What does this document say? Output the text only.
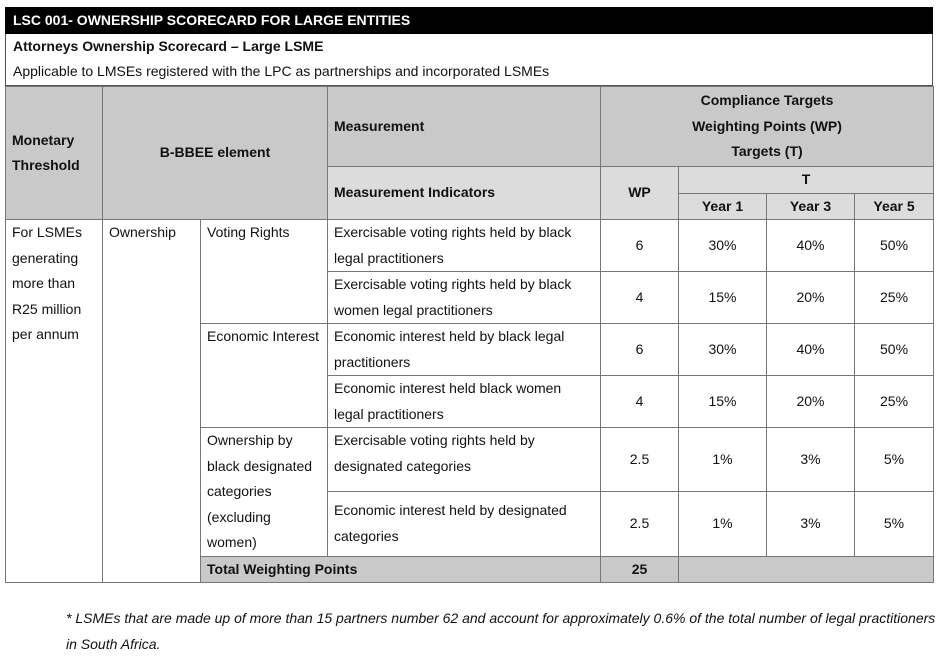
LSC 001- OWNERSHIP SCORECARD FOR LARGE ENTITIES
Attorneys Ownership Scorecard – Large LSME
Applicable to LMSEs registered with the LPC as partnerships and incorporated LSMEs
Monetary Threshold	B-BBEE element		Measurement	Compliance Targets
Weighting Points (WP)
Targets (T)			

			Measurement Indicators	WP	T		
					Year 1	Year 3	Year 5
For LSMEs generating more than R25 million per annum	Ownership	Voting Rights	Exercisable voting rights held by black legal practitioners	6	30%	40%	50%
			Exercisable voting rights held by black women legal practitioners	4	15%	20%	25%
		Economic Interest	Economic interest held by black legal practitioners	6	30%	40%	50%
			Economic interest held black women legal practitioners	4	15%	20%	25%
		Ownership by black designated categories (excluding women)	Exercisable voting rights held by designated categories	2.5	1%	3%	5%
			Economic interest held by designated categories	2.5	1%	3%	5%
		Total Weighting Points		25			
* LSMEs that are made up of more than 15 partners number 62 and account for approximately 0.6% of the total number of legal practitioners in South Africa.
